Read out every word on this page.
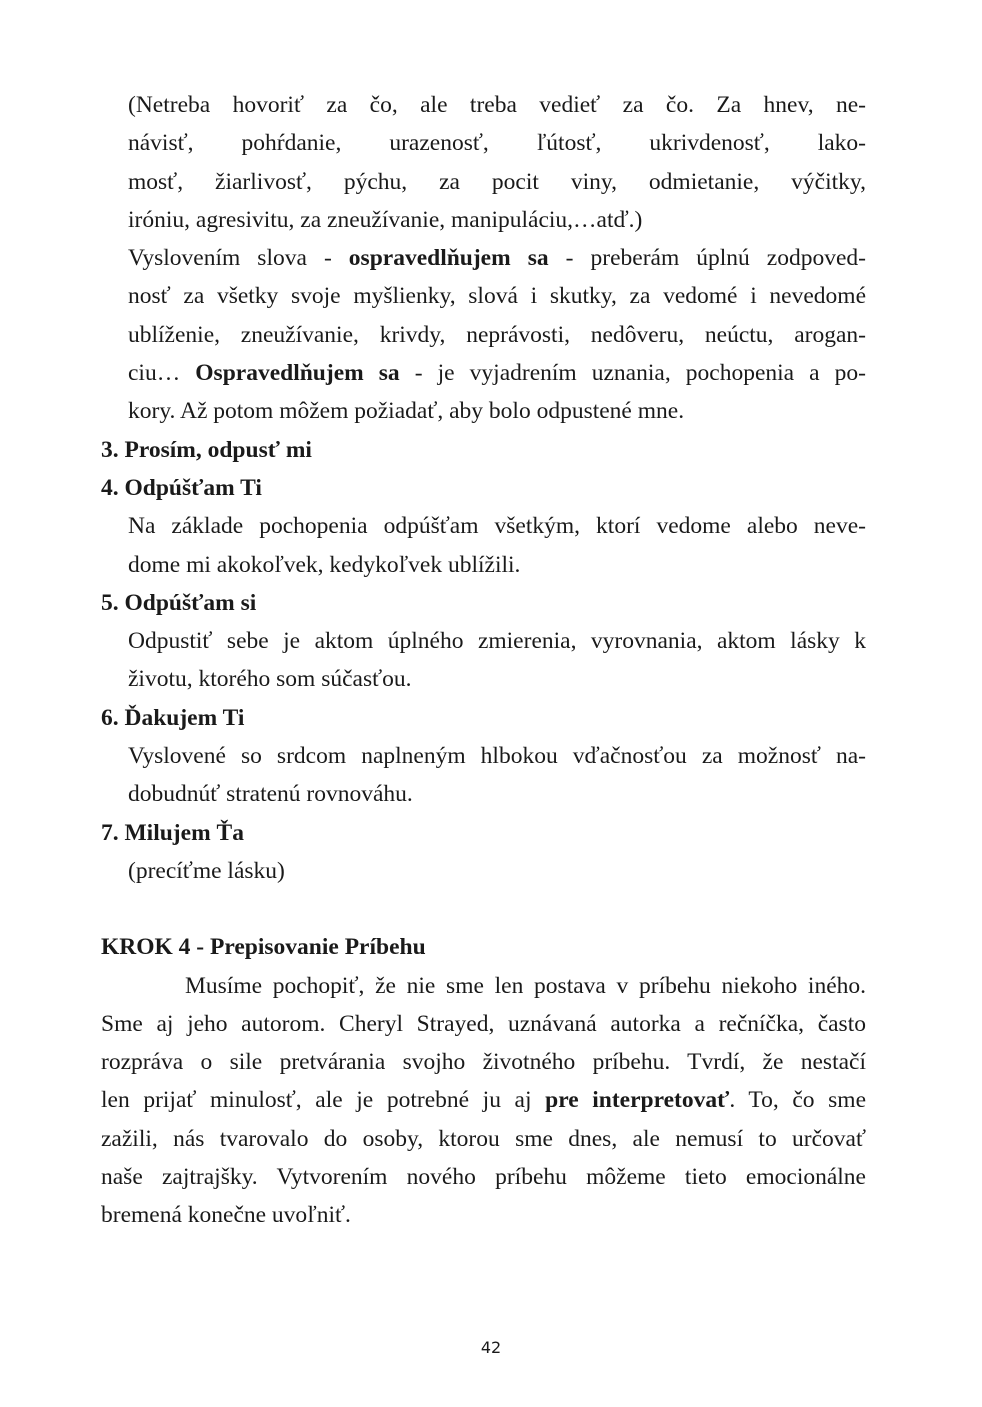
(Netreba hovoriť za čo, ale treba vedieť za čo. Za hnev, ne-
návisť, pohŕdanie, urazenosť, ľútosť, ukrivdenosť, lako-
mosť, žiarlivosť, pýchu, za pocit viny, odmietanie, výčitky,
iróniu, agresivitu, za zneužívanie, manipuláciu,…atď.)
Vyslovením slova - ospravedlňujem sa - preberám úplnú zodpoved-
nosť za všetky svoje myšlienky, slová i skutky, za vedomé i nevedomé
ublíženie, zneužívanie, krivdy, neprávosti, nedôveru, neúctu, arogan-
ciu… Ospravedlňujem sa - je vyjadrením uznania, pochopenia a po-
kory. Až potom môžem požiadať, aby bolo odpustené mne.
3. Prosím, odpusť mi
4. Odpúšťam Ti
Na základe pochopenia odpúšťam všetkým, ktorí vedome alebo neve-
dome mi akokoľvek, kedykoľvek ublížili.
5. Odpúšťam si
Odpustiť sebe je aktom úplného zmierenia, vyrovnania, aktom lásky k
životu, ktorého som súčasťou.
6. Ďakujem Ti
Vyslovené so srdcom naplneným hlbokou vďačnosťou za možnosť na-
dobudnúť stratenú rovnováhu.
7. Milujem Ťa
(precíťme lásku)
KROK 4 - Prepisovanie Príbehu
Musíme pochopiť, že nie sme len postava v príbehu niekoho iného.
Sme aj jeho autorom. Cheryl Strayed, uznávaná autorka a rečníčka, často
rozpráva o sile pretvárania svojho životného príbehu. Tvrdí, že nestačí
len prijať minulosť, ale je potrebné ju aj pre interpretovať. To, čo sme
zažili, nás tvarovalo do osoby, ktorou sme dnes, ale nemusí to určovať
naše zajtrajšky. Vytvorením nového príbehu môžeme tieto emocionálne
bremená konečne uvoľniť.
42
